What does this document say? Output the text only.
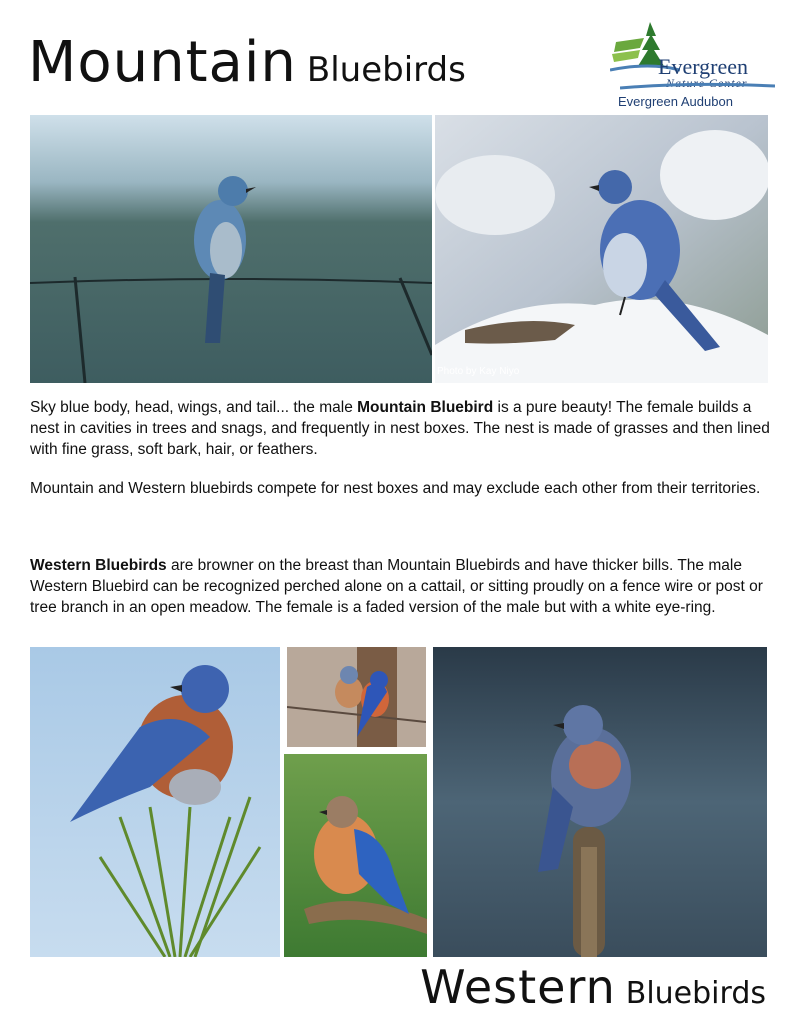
Mountain Bluebirds	Evergreen
Nature Center
Evergreen Audubon
Photo by Kay Niyo
Sky blue body, head, wings, and tail... the male Mountain Bluebird is a pure beauty! The female builds a nest in cavities in trees and snags, and frequently in nest boxes. The nest is made of grasses and then lined with fine grass, soft bark, hair, or feathers.
Mountain and Western bluebirds compete for nest boxes and may exclude each other from their territories.
Western Bluebirds are browner on the breast than Mountain Bluebirds and have thicker bills. The male Western Bluebird can be recognized perched alone on a cattail, or sitting proudly on a fence wire or post or tree branch in an open meadow. The female is a faded version of the male but with a white eye-ring.
Western Bluebirds
